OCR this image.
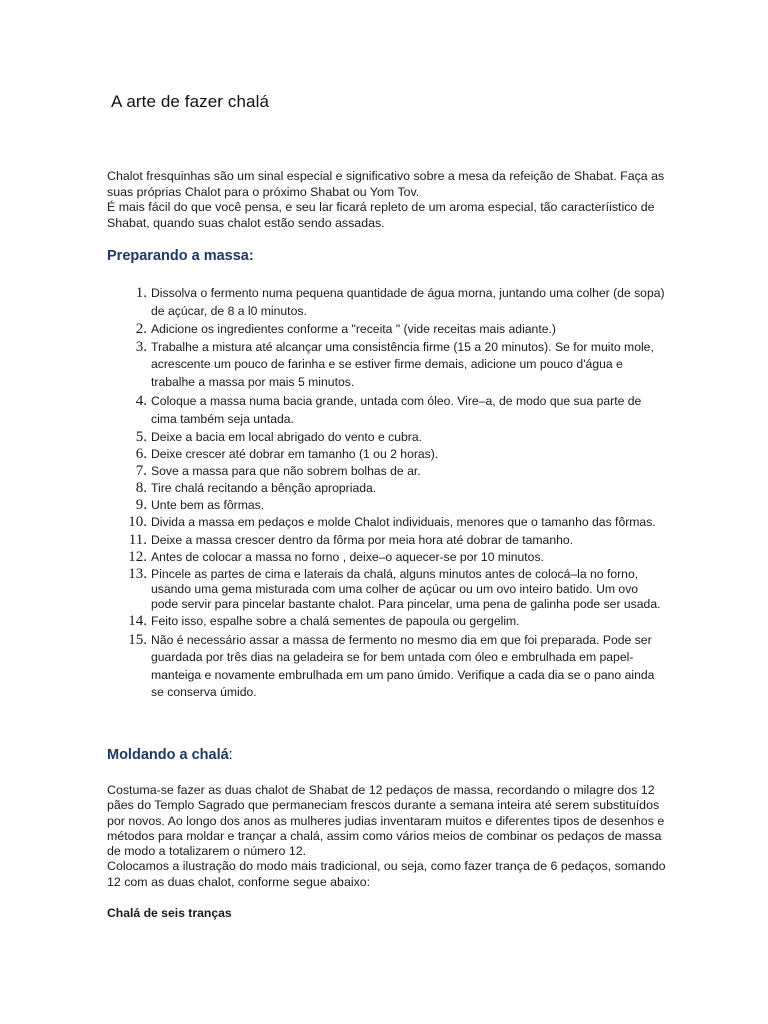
A arte de fazer chalá

Chalot fresquinhas são um sinal especial e significativo sobre a mesa da refeição de Shabat. Faça as suas próprias Chalot para o próximo Shabat ou Yom Tov.

É mais fácil do que você pensa, e seu lar ficará repleto de um aroma especial, tão caracteríistico de Shabat, quando suas chalot estão sendo assadas.

Preparando a massa:
1. Dissolva o fermento numa pequena quantidade de água morna, juntando uma colher (de sopa) de açúcar, de 8 a l0 minutos.
2. Adicione os ingredientes conforme a "receita " (vide receitas mais adiante.)
3. Trabalhe a mistura até alcançar uma consistência firme (15 a 20 minutos). Se for muito mole, acrescente um pouco de farinha e se estiver firme demais, adicione um pouco d'água e trabalhe a massa por mais 5 minutos.
4. Coloque a massa numa bacia grande, untada com óleo. Vire–a, de modo que sua parte de cima também seja untada.
5. Deixe a bacia em local abrigado do vento e cubra.
6. Deixe crescer até dobrar em tamanho (1 ou 2 horas).
7. Sove a massa para que não sobrem bolhas de ar.
8. Tire chalá recitando a bênção apropriada.
9. Unte bem as fôrmas.
10. Divida a massa em pedaços e molde Chalot individuais, menores que o tamanho das fôrmas.
11. Deixe a massa crescer dentro da fôrma por meia hora até dobrar de tamanho.
12. Antes de colocar a massa no forno , deixe–o aquecer-se por 10 minutos.
13. Pincele as partes de cima e laterais da chalá, alguns minutos antes de colocá–la no forno, usando uma gema misturada com uma colher de açúcar ou um ovo inteiro batido. Um ovo pode servir para pincelar bastante chalot. Para pincelar, uma pena de galinha pode ser usada.
14. Feito isso, espalhe sobre a chalá sementes de papoula ou gergelim.
15. Não é necessário assar a massa de fermento no mesmo dia em que foi preparada. Pode ser guardada por três dias na geladeira se for bem untada com óleo e embrulhada em papel-manteiga e novamente embrulhada em um pano úmido. Verifique a cada dia se o pano ainda se conserva úmido.
Moldando a chalá:

Costuma-se fazer as duas chalot de Shabat de 12 pedaços de massa, recordando o milagre dos 12 pães do Templo Sagrado que permaneciam frescos durante a semana inteira até serem substituídos por novos. Ao longo dos anos as mulheres judias inventaram muitos e diferentes tipos de desenhos e métodos para moldar e trançar a chalá, assim como vários meios de combinar os pedaços de massa de modo a totalizarem o número 12.

Colocamos a ilustração do modo mais tradicional, ou seja, como fazer trança de 6 pedaços, somando 12 com as duas chalot, conforme segue abaixo:

Chalá de seis tranças
